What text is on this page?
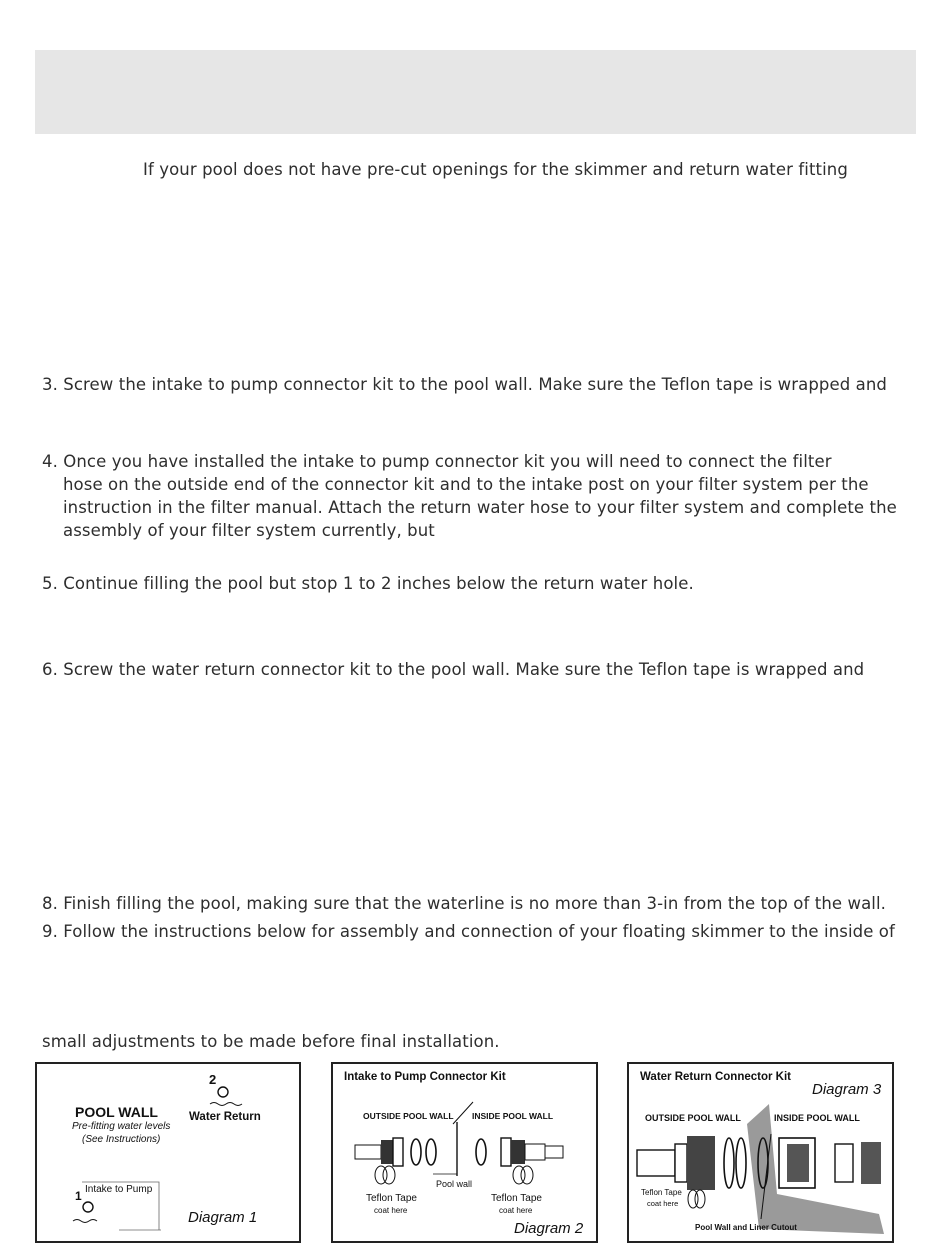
If your pool does not have pre-cut openings for the skimmer and return water fitting
3. Screw the intake to pump connector kit to the pool wall. Make sure the Teflon tape is wrapped and
4. Once you have installed the intake to pump connector kit you will need to connect the filter
hose on the outside end of the connector kit and to the intake post on your filter system per the
instruction in the filter manual. Attach the return water hose to your filter system and complete the
assembly of your filter system currently, but
5. Continue filling the pool but stop 1 to 2 inches below the return water hole.
6. Screw the water return connector kit to the pool wall. Make sure the Teflon tape is wrapped and
8. Finish filling the pool, making sure that the waterline is no more than 3-in from the top of the wall.
9. Follow the instructions below for assembly and connection of your floating skimmer to the inside of
small adjustments to be made before final installation.
2
Water Return
POOL WALL
Pre-fitting water levels
(See Instructions)
Intake to Pump
1
Diagram 1
Intake to Pump Connector Kit
OUTSIDE POOL WALL INSIDE POOL WALL
Pool wall
Teflon Tape
coat here
Teflon Tape
coat here
Diagram 2
Water Return Connector Kit
Diagram 3
OUTSIDE POOL WALL	INSIDE POOL WALL
Teflon Tape
coat here
Pool Wall and Liner Cutout
